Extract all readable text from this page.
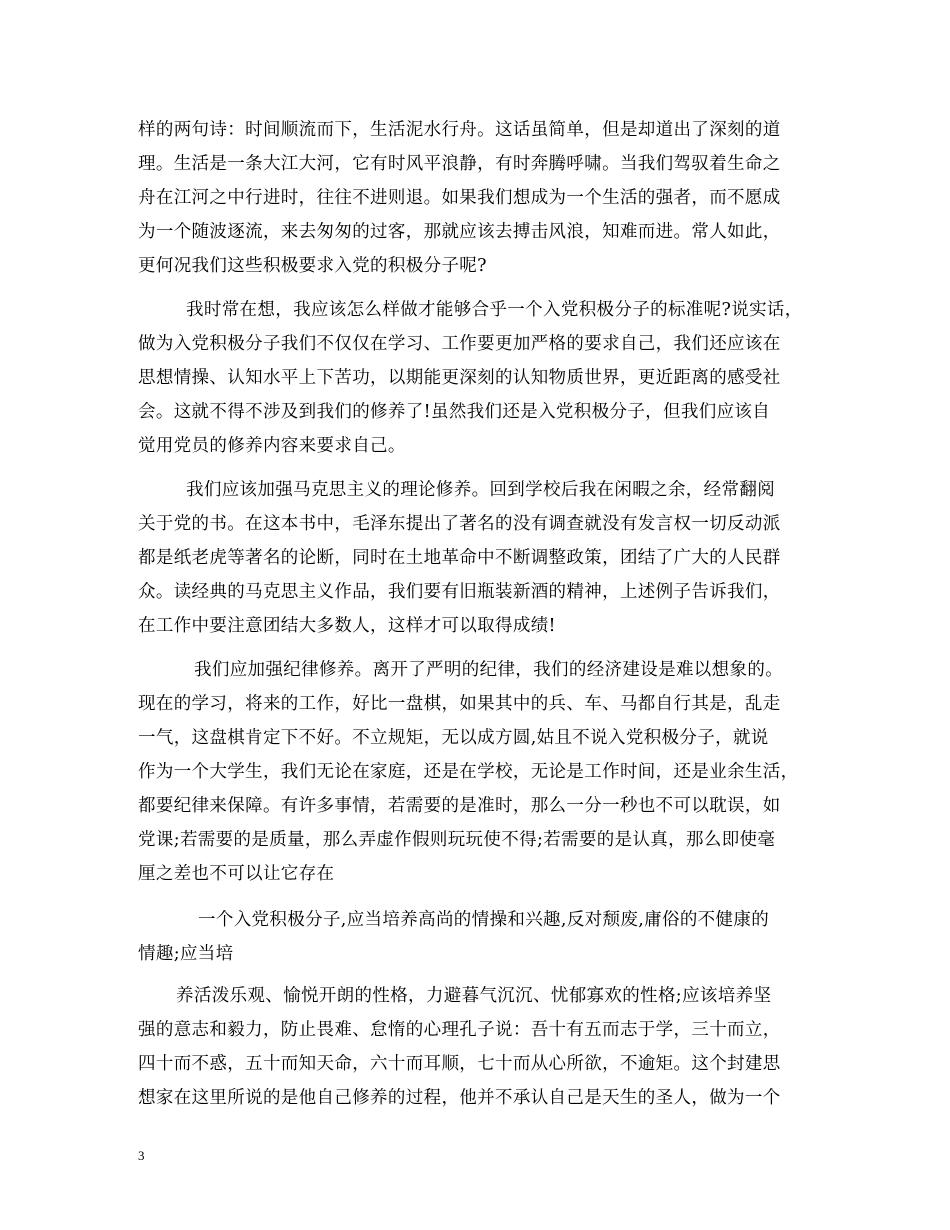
样的两句诗：时间顺流而下，生活泥水行舟。这话虽简单，但是却道出了深刻的道
理。生活是一条大江大河，它有时风平浪静，有时奔腾呼啸。当我们驾驭着生命之
舟在江河之中行进时，往往不进则退。如果我们想成为一个生活的强者，而不愿成
为一个随波逐流，来去匆匆的过客，那就应该去搏击风浪，知难而进。常人如此，
更何况我们这些积极要求入党的积极分子呢?
我时常在想，我应该怎么样做才能够合乎一个入党积极分子的标准呢?说实话，
做为入党积极分子我们不仅仅在学习、工作要更加严格的要求自己，我们还应该在
思想情操、认知水平上下苦功，以期能更深刻的认知物质世界，更近距离的感受社
会。这就不得不涉及到我们的修养了!虽然我们还是入党积极分子，但我们应该自
觉用党员的修养内容来要求自己。
我们应该加强马克思主义的理论修养。回到学校后我在闲暇之余，经常翻阅
关于党的书。在这本书中，毛泽东提出了著名的没有调查就没有发言权一切反动派
都是纸老虎等著名的论断，同时在土地革命中不断调整政策，团结了广大的人民群
众。读经典的马克思主义作品，我们要有旧瓶装新酒的精神，上述例子告诉我们，
在工作中要注意团结大多数人，这样才可以取得成绩!
我们应加强纪律修养。离开了严明的纪律，我们的经济建设是难以想象的。
现在的学习，将来的工作，好比一盘棋，如果其中的兵、车、马都自行其是，乱走
一气，这盘棋肯定下不好。不立规矩，无以成方圆,姑且不说入党积极分子，就说
作为一个大学生，我们无论在家庭，还是在学校，无论是工作时间，还是业余生活，
都要纪律来保障。有许多事情，若需要的是准时，那么一分一秒也不可以耽误，如
党课;若需要的是质量，那么弄虚作假则玩玩使不得;若需要的是认真，那么即使毫
厘之差也不可以让它存在
一个入党积极分子,应当培养高尚的情操和兴趣,反对颓废,庸俗的不健康的
情趣;应当培
养活泼乐观、愉悦开朗的性格，力避暮气沉沉、忧郁寡欢的性格;应该培养坚
强的意志和毅力，防止畏难、怠惰的心理孔子说：吾十有五而志于学，三十而立，
四十而不惑，五十而知天命，六十而耳顺，七十而从心所欲，不逾矩。这个封建思
想家在这里所说的是他自己修养的过程，他并不承认自己是天生的圣人，做为一个
3
